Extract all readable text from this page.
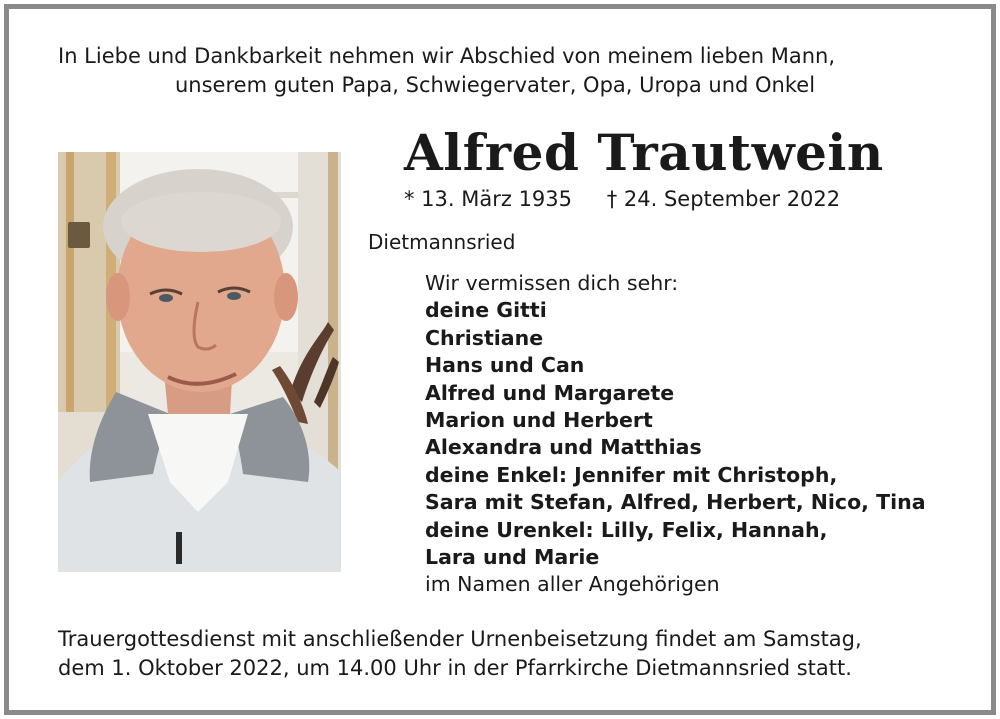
In Liebe und Dankbarkeit nehmen wir Abschied von meinem lieben Mann,
unserem guten Papa, Schwiegervater, Opa, Uropa und Onkel
Alfred Trautwein
* 13. März 1935 † 24. September 2022
Dietmannsried
Wir vermissen dich sehr:
deine Gitti
Christiane
Hans und Can
Alfred und Margarete
Marion und Herbert
Alexandra und Matthias
deine Enkel: Jennifer mit Christoph,
Sara mit Stefan, Alfred, Herbert, Nico, Tina
deine Urenkel: Lilly, Felix, Hannah,
Lara und Marie
im Namen aller Angehörigen
Trauergottesdienst mit anschließender Urnenbeisetzung findet am Samstag,
dem 1. Oktober 2022, um 14.00 Uhr in der Pfarrkirche Dietmannsried statt.
